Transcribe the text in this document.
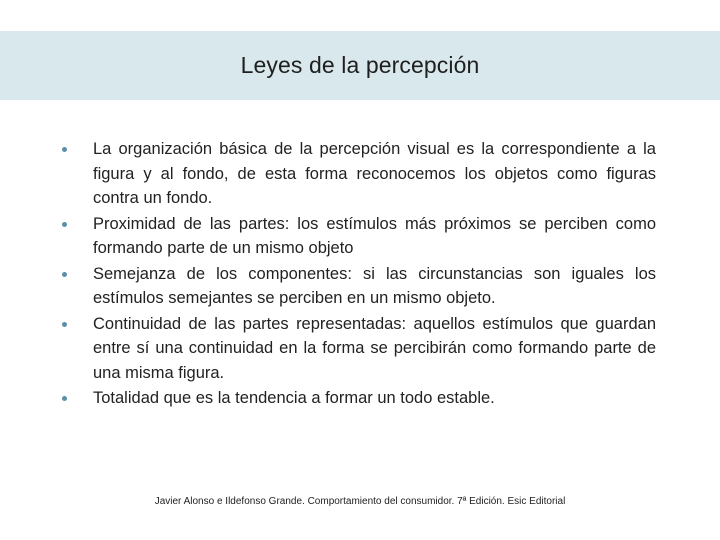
Leyes de la percepción
La organización básica de la percepción visual es la correspondiente a la figura y al fondo, de esta forma reconocemos los objetos como figuras contra un fondo.
Proximidad de las partes: los estímulos más próximos se perciben como formando parte de un mismo objeto
Semejanza de los componentes: si las circunstancias son iguales los estímulos semejantes se perciben en un mismo objeto.
Continuidad de las partes representadas: aquellos estímulos que guardan entre sí una continuidad en la forma se percibirán como formando parte de una misma figura.
Totalidad que es la tendencia a formar un todo estable.
Javier Alonso e Ildefonso Grande. Comportamiento del consumidor. 7ª Edición. Esic Editorial
